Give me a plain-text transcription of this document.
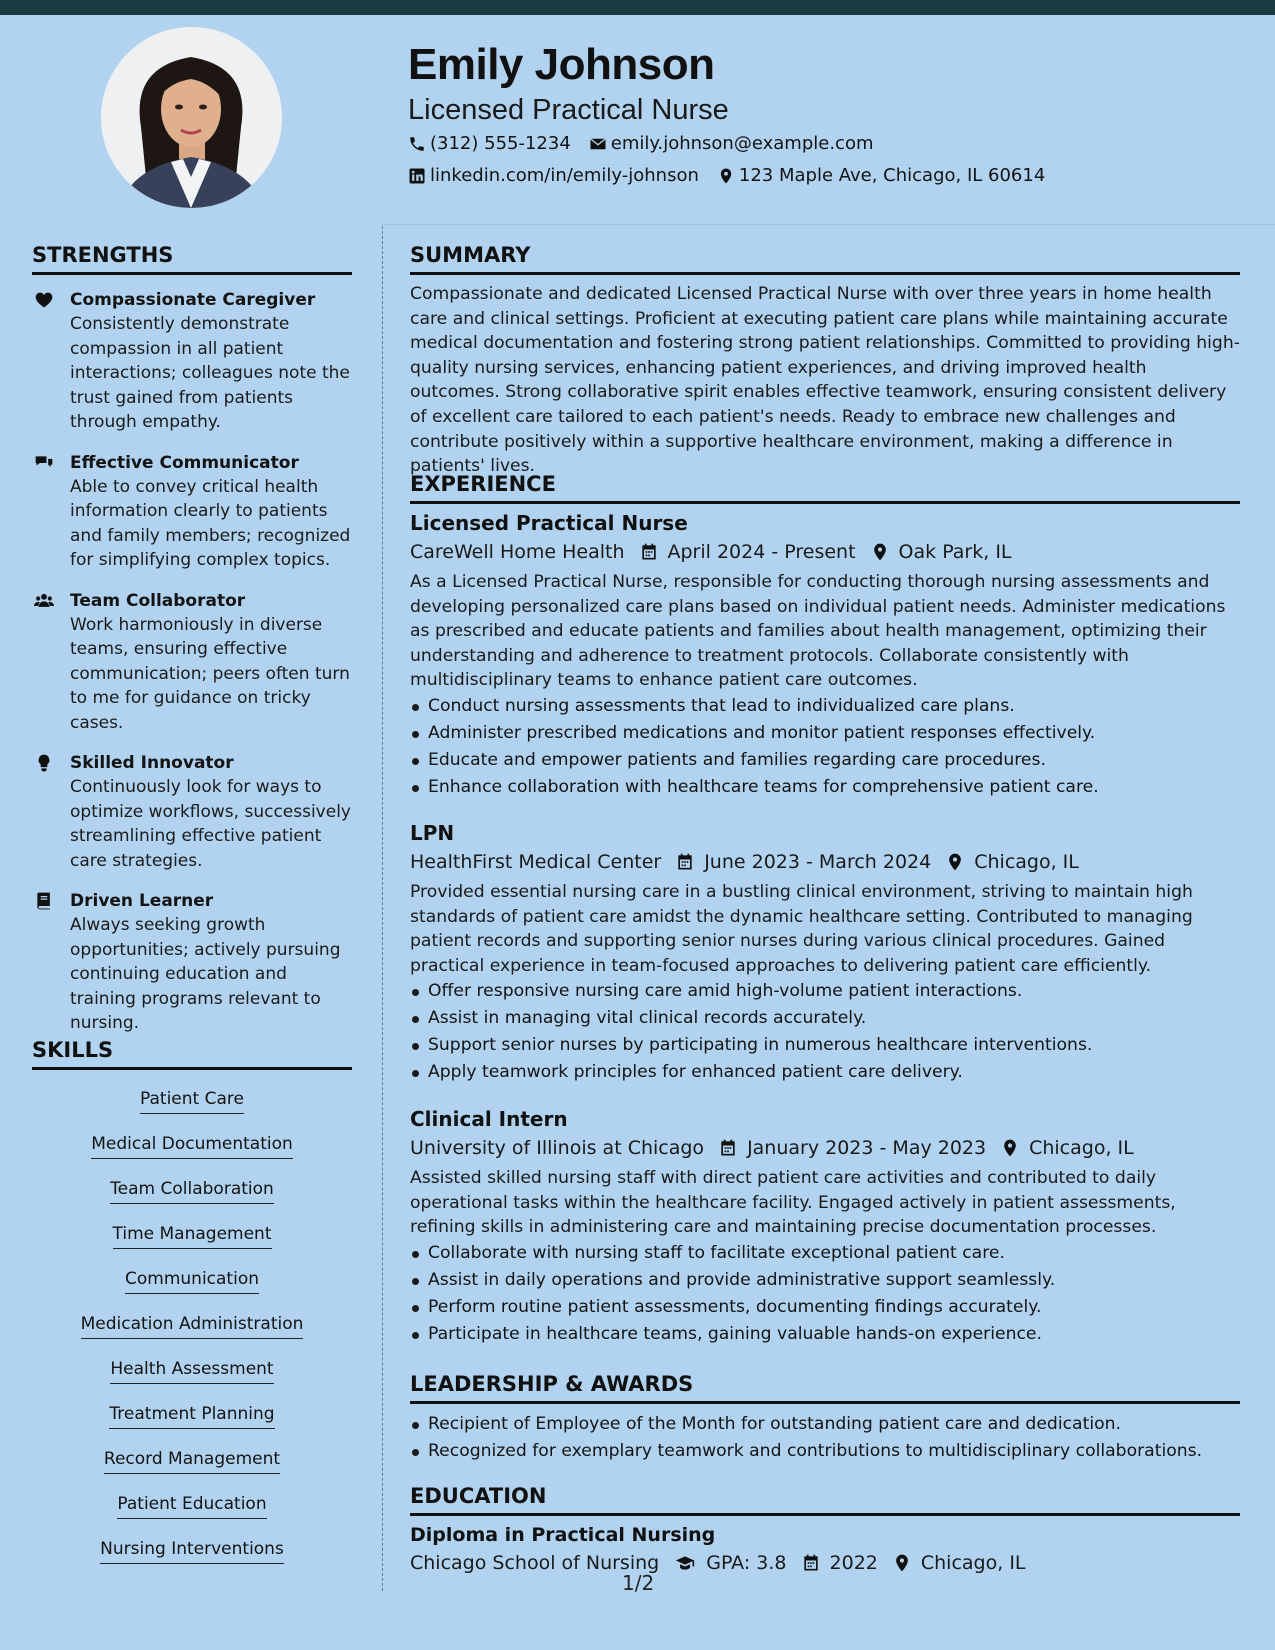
Emily Johnson
Licensed Practical Nurse
(312) 555-1234 emily.johnson@example.com
linkedin.com/in/emily-johnson 123 Maple Ave, Chicago, IL 60614
STRENGTHS
Compassionate Caregiver
Consistently demonstrate compassion in all patient interactions; colleagues note the trust gained from patients through empathy.
Effective Communicator
Able to convey critical health information clearly to patients and family members; recognized for simplifying complex topics.
Team Collaborator
Work harmoniously in diverse teams, ensuring effective communication; peers often turn to me for guidance on tricky cases.
Skilled Innovator
Continuously look for ways to optimize workflows, successively streamlining effective patient care strategies.
Driven Learner
Always seeking growth opportunities; actively pursuing continuing education and training programs relevant to nursing.
SKILLS
Patient Care
Medical Documentation
Team Collaboration
Time Management
Communication
Medication Administration
Health Assessment
Treatment Planning
Record Management
Patient Education
Nursing Interventions
SUMMARY
Compassionate and dedicated Licensed Practical Nurse with over three years in home health care and clinical settings. Proficient at executing patient care plans while maintaining accurate medical documentation and fostering strong patient relationships. Committed to providing high-quality nursing services, enhancing patient experiences, and driving improved health outcomes. Strong collaborative spirit enables effective teamwork, ensuring consistent delivery of excellent care tailored to each patient's needs. Ready to embrace new challenges and contribute positively within a supportive healthcare environment, making a difference in patients' lives.
EXPERIENCE
Licensed Practical Nurse
CareWell Home Health April 2024 - Present Oak Park, IL
As a Licensed Practical Nurse, responsible for conducting thorough nursing assessments and developing personalized care plans based on individual patient needs. Administer medications as prescribed and educate patients and families about health management, optimizing their understanding and adherence to treatment protocols. Collaborate consistently with multidisciplinary teams to enhance patient care outcomes.
Conduct nursing assessments that lead to individualized care plans.
Administer prescribed medications and monitor patient responses effectively.
Educate and empower patients and families regarding care procedures.
Enhance collaboration with healthcare teams for comprehensive patient care.
LPN
HealthFirst Medical Center June 2023 - March 2024 Chicago, IL
Provided essential nursing care in a bustling clinical environment, striving to maintain high standards of patient care amidst the dynamic healthcare setting. Contributed to managing patient records and supporting senior nurses during various clinical procedures. Gained practical experience in team-focused approaches to delivering patient care efficiently.
Offer responsive nursing care amid high-volume patient interactions.
Assist in managing vital clinical records accurately.
Support senior nurses by participating in numerous healthcare interventions.
Apply teamwork principles for enhanced patient care delivery.
Clinical Intern
University of Illinois at Chicago January 2023 - May 2023 Chicago, IL
Assisted skilled nursing staff with direct patient care activities and contributed to daily operational tasks within the healthcare facility. Engaged actively in patient assessments, refining skills in administering care and maintaining precise documentation processes.
Collaborate with nursing staff to facilitate exceptional patient care.
Assist in daily operations and provide administrative support seamlessly.
Perform routine patient assessments, documenting findings accurately.
Participate in healthcare teams, gaining valuable hands-on experience.
LEADERSHIP & AWARDS
Recipient of Employee of the Month for outstanding patient care and dedication.
Recognized for exemplary teamwork and contributions to multidisciplinary collaborations.
EDUCATION
Diploma in Practical Nursing
Chicago School of Nursing GPA: 3.8 2022 Chicago, IL
1/2
